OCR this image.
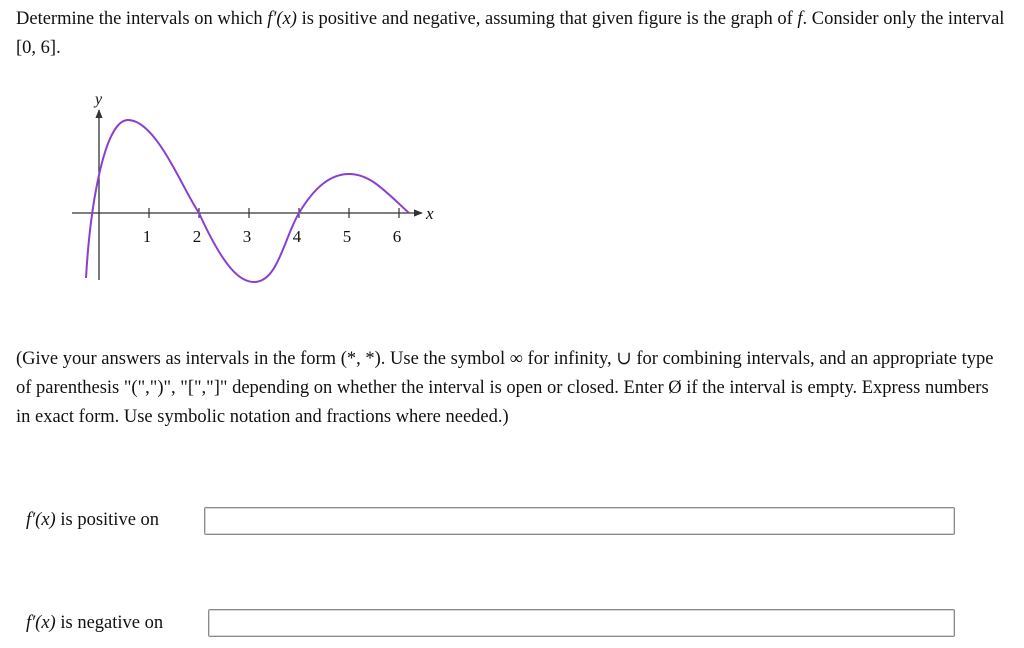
Determine the intervals on which f′(x) is positive and negative, assuming that given figure is the graph of f. Consider only the interval [0, 6].

y
x
1 2 3 4 5 6

(Give your answers as intervals in the form (*, *). Use the symbol ∞ for infinity, ∪ for combining intervals, and an appropriate type of parenthesis "(",")", "[","]" depending on whether the interval is open or closed. Enter Ø if the interval is empty. Express numbers in exact form. Use symbolic notation and fractions where needed.)

f′(x) is positive on
f′(x) is negative on
